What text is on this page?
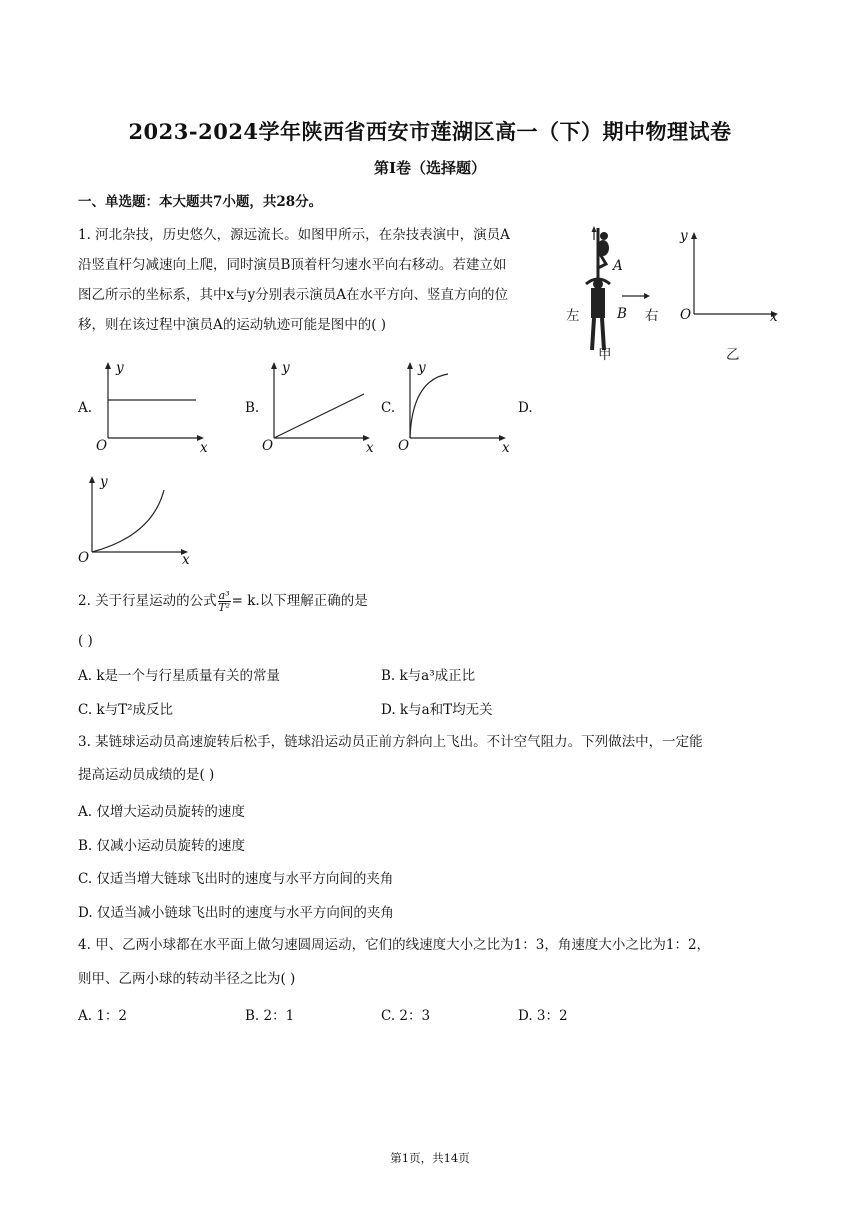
2023-2024学年陕西省西安市莲湖区高一（下）期中物理试卷
第I卷（选择题）
一、单选题：本大题共7小题，共28分。
1. 河北杂技，历史悠久，源远流长。如图甲所示，在杂技表演中，演员A
沿竖直杆匀减速向上爬，同时演员B顶着杆匀速水平向右移动。若建立如
图乙所示的坐标系，其中x与y分别表示演员A在水平方向、竖直方向的位
移，则在该过程中演员A的运动轨迹可能是图中的( )
A
B
左	右
甲
y
x
O
乙
A.
y
x
O
B.
y
x
O
C.
y
x
O
D.
y
x
O
2. 关于行星运动的公式 $\frac{\text{a³}}{\text{T²}} = k$.以下理解正确的是
( )
A. k是一个与行星质量有关的常量	B. k与a³成正比
C. k与T²成反比	D. k与a和T均无关
3. 某链球运动员高速旋转后松手，链球沿运动员正前方斜向上飞出。不计空气阻力。下列做法中，一定能
提高运动员成绩的是( )
A. 仅增大运动员旋转的速度
B. 仅减小运动员旋转的速度
C. 仅适当增大链球飞出时的速度与水平方向间的夹角
D. 仅适当减小链球飞出时的速度与水平方向间的夹角
4. 甲、乙两小球都在水平面上做匀速圆周运动，它们的线速度大小之比为1：3，角速度大小之比为1：2，
则甲、乙两小球的转动半径之比为( )
A. 1：2	B. 2：1	C. 2：3	D. 3：2
第1页，共14页
